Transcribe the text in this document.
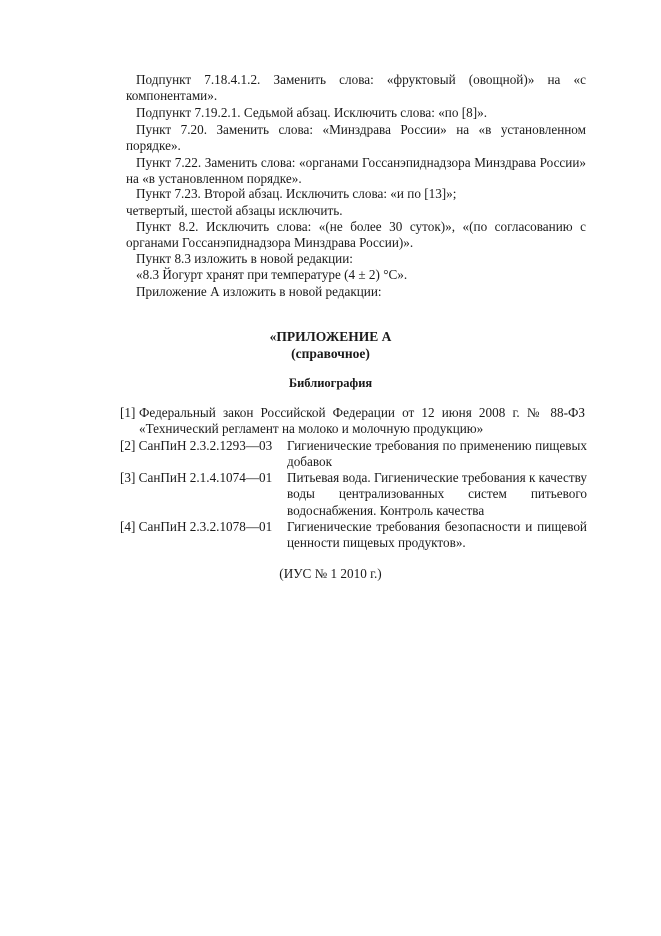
Подпункт 7.18.4.1.2. Заменить слова: «фруктовый (овощной)» на «с компонентами».
Подпункт 7.19.2.1. Седьмой абзац. Исключить слова: «по [8]».
Пункт 7.20. Заменить слова: «Минздрава России» на «в установленном порядке».
Пункт 7.22. Заменить слова: «органами Госсанэпиднадзора Минздрава России» на «в установленном порядке».
Пункт 7.23. Второй абзац. Исключить слова: «и по [13]»;
четвертый, шестой абзацы исключить.
Пункт 8.2. Исключить слова: «(не более 30 суток)», «(по согласованию с органами Госсанэпиднадзора Минздрава России)».
Пункт 8.3 изложить в новой редакции:
«8.3 Йогурт хранят при температуре (4 ± 2) °С».
Приложение А изложить в новой редакции:
«ПРИЛОЖЕНИЕ А
(справочное)
Библиография
[1] Федеральный закон Российской Федерации от 12 июня 2008 г. № 88-ФЗ «Технический регламент на молоко и молочную продукцию»
[2] СанПиН 2.3.2.1293—03 Гигиенические требования по применению пищевых добавок
[3] СанПиН 2.1.4.1074—01 Питьевая вода. Гигиенические требования к качеству воды централизованных систем питьевого водоснабжения. Контроль качества
[4] СанПиН 2.3.2.1078—01 Гигиенические требования безопасности и пищевой ценности пищевых продуктов».
(ИУС № 1 2010 г.)
